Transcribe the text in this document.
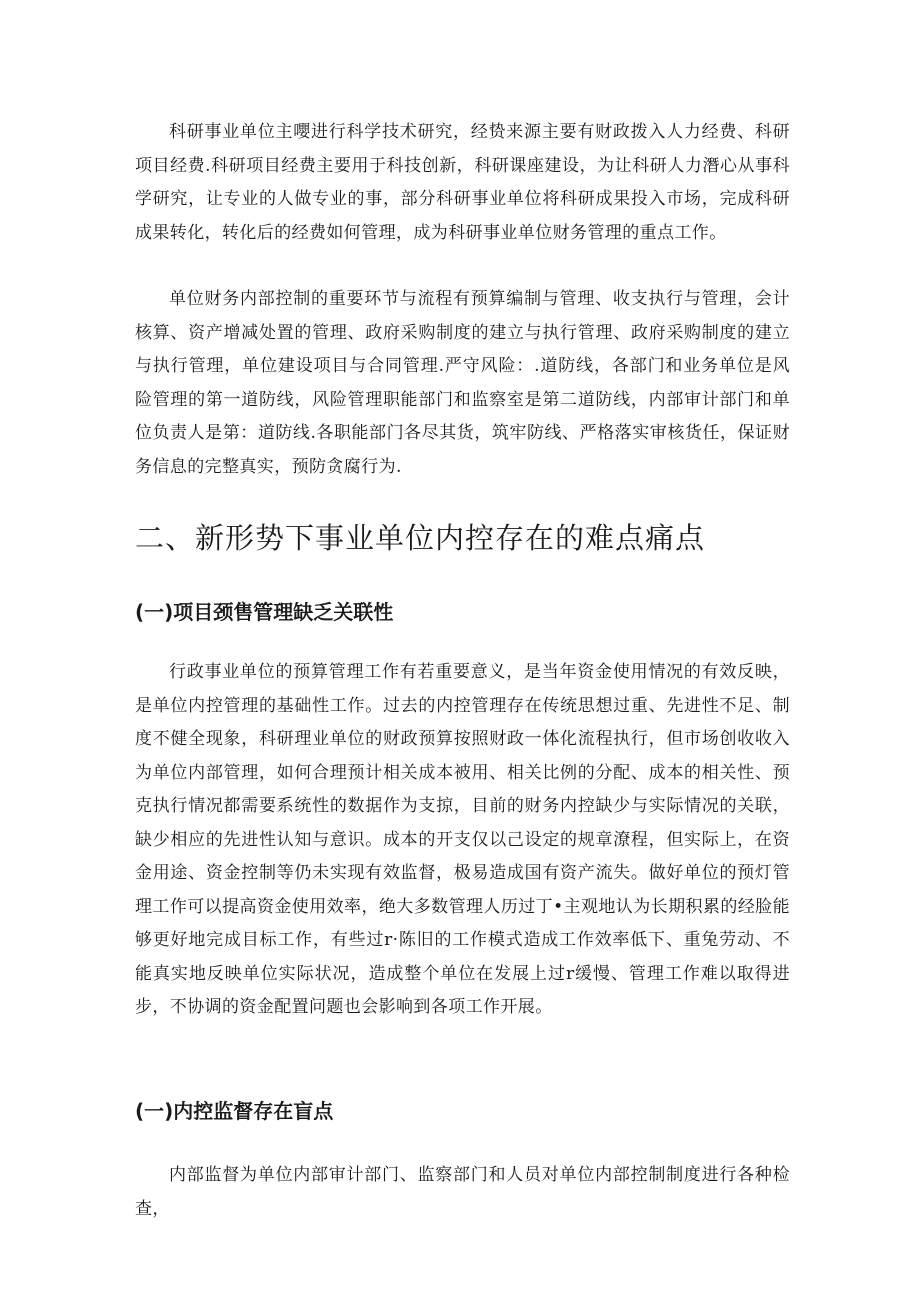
科研事业单位主嚶进行科学技术研究，经贽来源主要有财政拨入人力经费、科研项目经费.科研项目经费主要用于科技创新，科研课座建设，为让科研人力潛心从事科学研究，让专业的人做专业的事，部分科研事业单位将科研成果投入市场，完成科研成果转化，转化后的经费如何管理，成为科研事业单位财务管理的重点工作。

单位财务内部控制的重要环节与流程有预算编制与管理、收支执行与管理，会计核算、资产增减处置的管理、政府采购制度的建立与执行管理、政府采购制度的建立与执行管理，单位建设项目与合同管理.严守风险：.道防线，各部门和业务单位是风险管理的第一道防线，风险管理职能部门和监察室是第二道防线，内部审计部门和单位负责人是第：道防线.各职能部门各尽其货，筑牢防线、严格落实审核货任，保证财务信息的完整真实，预防贪腐行为.

二、新形势下事业单位内控存在的难点痛点
(一)项目颈售管理缺乏关联性

行政事业单位的预算管理工作有若重要意义，是当年资金使用情况的有效反映，是单位内控管理的基础性工作。过去的内控管理存在传统思想过重、先进性不足、制度不健全现象，科研理业单位的财政预算按照财政一体化流程执行，但市场创收收入为单位内部管理，如何合理预计相关成本被用、相关比例的分配、成本的相关性、预克执行情况都需要系统性的数据作为支掠，目前的财务内控缺少与实际情况的关联，缺少相应的先进性认知与意识。成本的开支仅以己设定的规章潦程，但实际上，在资金用途、资金控制等仍未实现有效监督，极易造成国有资产流失。做好单位的预灯管理工作可以提高资金使用效率，绝大多数管理人历过丁•主观地认为长期积累的经脸能够更好地完成目标工作，有些过r·陈旧的工作模式造成工作效率低下、重兔劳动、不能真实地反映单位实际状况，造成整个单位在发展上过r缓慢、管理工作难以取得进步，不协调的资金配置问题也会影响到各项工作开展。

(一)内控监督存在盲点

内部监督为单位内部审计部门、监察部门和人员对单位内部控制制度进行各种检查，
